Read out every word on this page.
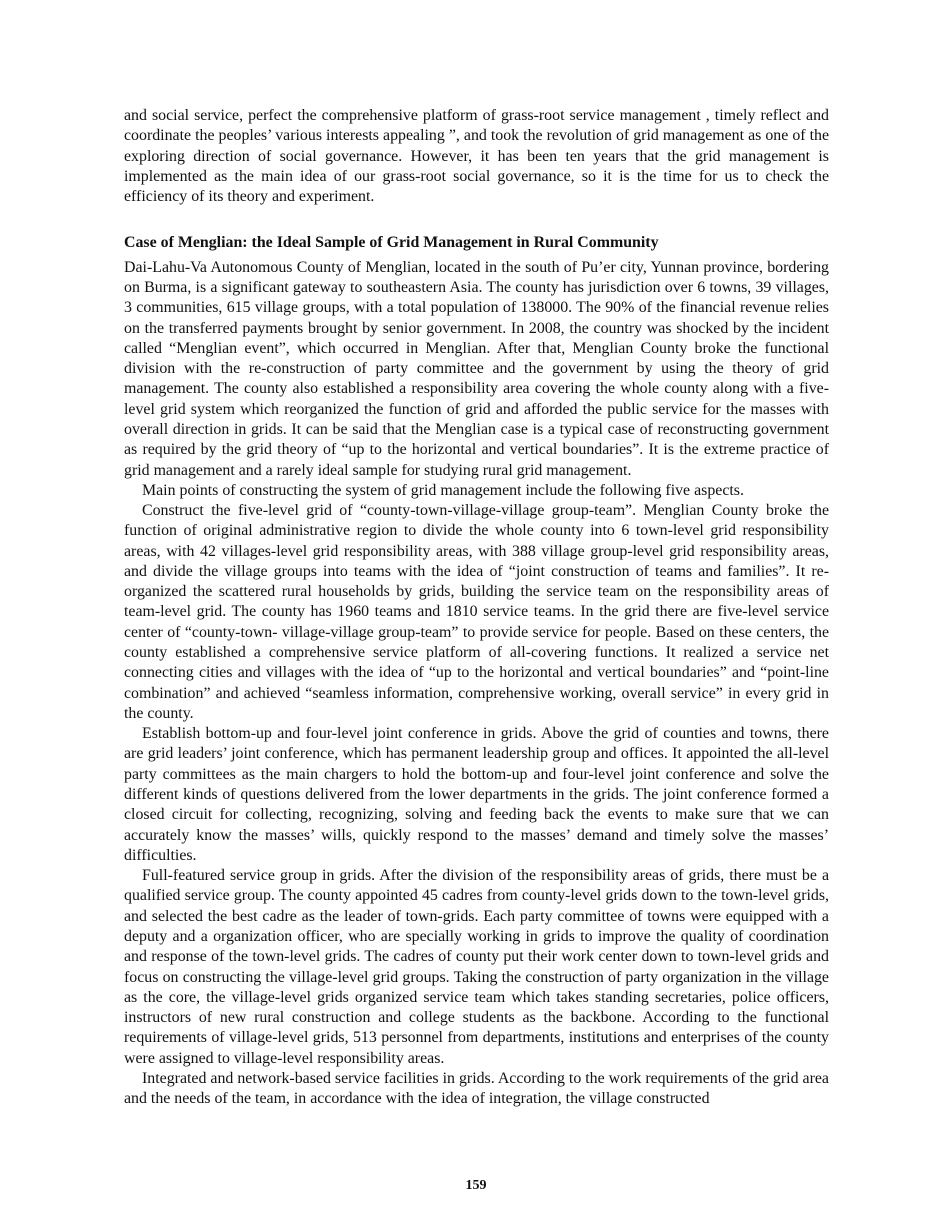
and social service, perfect the comprehensive platform of grass-root service management , timely reflect and coordinate the peoples’ various interests appealing ”, and took the revolution of grid management as one of the exploring direction of social governance. However, it has been ten years that the grid management is implemented as the main idea of our grass-root social governance, so it is the time for us to check the efficiency of its theory and experiment.

Case of Menglian: the Ideal Sample of Grid Management in Rural Community

Dai-Lahu-Va Autonomous County of Menglian, located in the south of Pu’er city, Yunnan province, bordering on Burma, is a significant gateway to southeastern Asia. The county has jurisdiction over 6 towns, 39 villages, 3 communities, 615 village groups, with a total population of 138000. The 90% of the financial revenue relies on the transferred payments brought by senior government. In 2008, the country was shocked by the incident called “Menglian event”, which occurred in Menglian. After that, Menglian County broke the functional division with the re-construction of party committee and the government by using the theory of grid management. The county also established a responsibility area covering the whole county along with a five-level grid system which reorganized the function of grid and afforded the public service for the masses with overall direction in grids. It can be said that the Menglian case is a typical case of reconstructing government as required by the grid theory of “up to the horizontal and vertical boundaries”. It is the extreme practice of grid management and a rarely ideal sample for studying rural grid management.

Main points of constructing the system of grid management include the following five aspects.

Construct the five-level grid of “county-town-village-village group-team”. Menglian County broke the function of original administrative region to divide the whole county into 6 town-level grid responsibility areas, with 42 villages-level grid responsibility areas, with 388 village group-level grid responsibility areas, and divide the village groups into teams with the idea of “joint construction of teams and families”. It re-organized the scattered rural households by grids, building the service team on the responsibility areas of team-level grid. The county has 1960 teams and 1810 service teams. In the grid there are five-level service center of “county-town- village-village group-team” to provide service for people. Based on these centers, the county established a comprehensive service platform of all-covering functions. It realized a service net connecting cities and villages with the idea of “up to the horizontal and vertical boundaries” and “point-line combination” and achieved “seamless information, comprehensive working, overall service” in every grid in the county.

Establish bottom-up and four-level joint conference in grids. Above the grid of counties and towns, there are grid leaders’ joint conference, which has permanent leadership group and offices. It appointed the all-level party committees as the main chargers to hold the bottom-up and four-level joint conference and solve the different kinds of questions delivered from the lower departments in the grids. The joint conference formed a closed circuit for collecting, recognizing, solving and feeding back the events to make sure that we can accurately know the masses’ wills, quickly respond to the masses’ demand and timely solve the masses’ difficulties.

Full-featured service group in grids. After the division of the responsibility areas of grids, there must be a qualified service group. The county appointed 45 cadres from county-level grids down to the town-level grids, and selected the best cadre as the leader of town-grids. Each party committee of towns were equipped with a deputy and a organization officer, who are specially working in grids to improve the quality of coordination and response of the town-level grids. The cadres of county put their work center down to town-level grids and focus on constructing the village-level grid groups. Taking the construction of party organization in the village as the core, the village-level grids organized service team which takes standing secretaries, police officers, instructors of new rural construction and college students as the backbone. According to the functional requirements of village-level grids, 513 personnel from departments, institutions and enterprises of the county were assigned to village-level responsibility areas.

Integrated and network-based service facilities in grids. According to the work requirements of the grid area and the needs of the team, in accordance with the idea of integration, the village constructed

159
